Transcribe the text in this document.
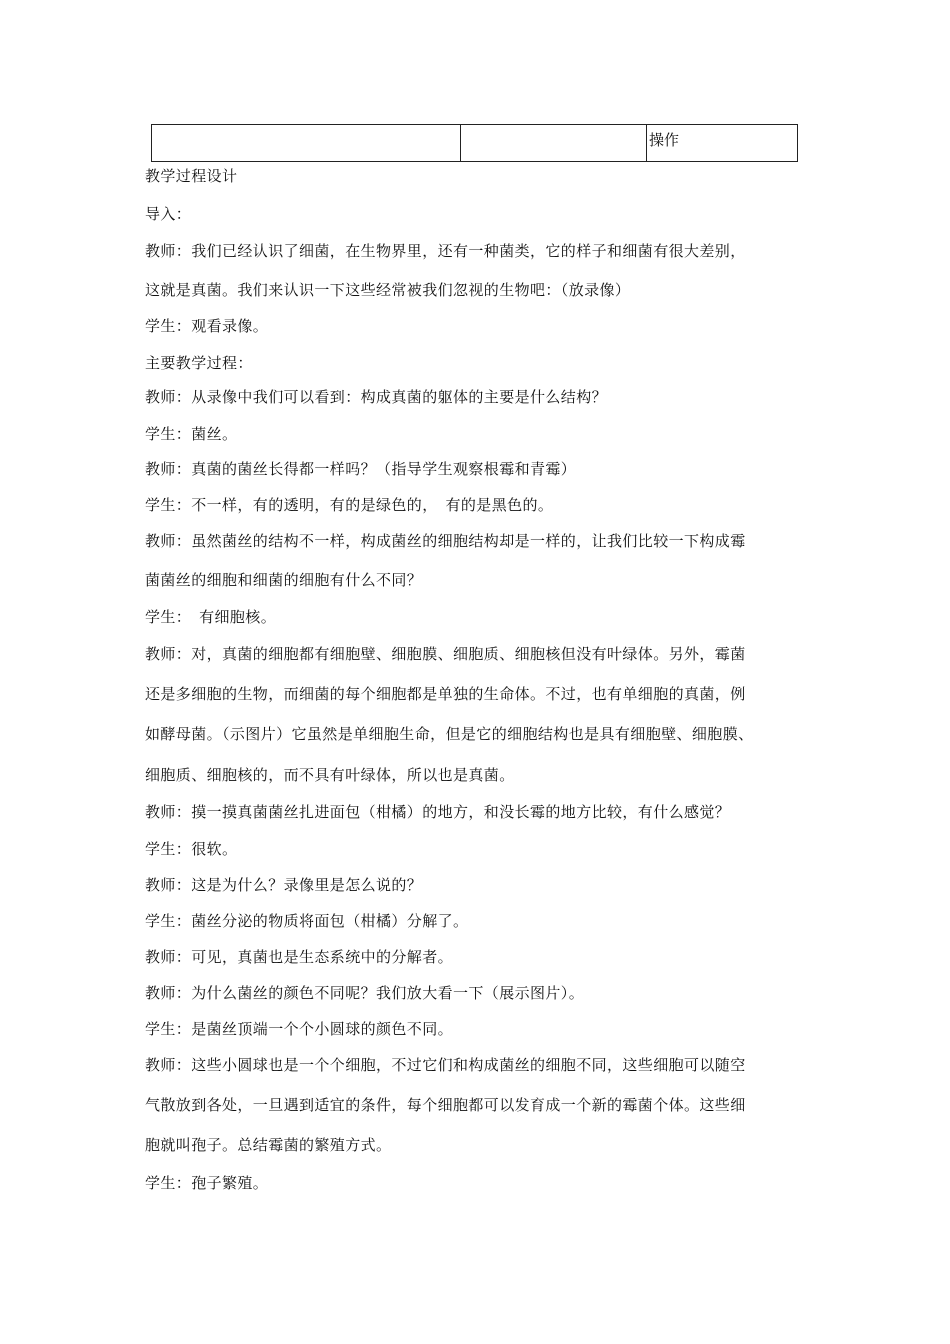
操作
教学过程设计
导入：
教师：我们已经认识了细菌，在生物界里，还有一种菌类，它的样子和细菌有很大差别，
这就是真菌。我们来认识一下这些经常被我们忽视的生物吧：（放录像）
学生：观看录像。
主要教学过程：
教师：从录像中我们可以看到：构成真菌的躯体的主要是什么结构？
学生：菌丝。
教师：真菌的菌丝长得都一样吗？（指导学生观察根霉和青霉）
学生：不一样，有的透明，有的是绿色的，　有的是黑色的。
教师：虽然菌丝的结构不一样，构成菌丝的细胞结构却是一样的，让我们比较一下构成霉
菌菌丝的细胞和细菌的细胞有什么不同？
学生：　有细胞核。
教师：对，真菌的细胞都有细胞壁、细胞膜、细胞质、细胞核但没有叶绿体。另外，霉菌
还是多细胞的生物，而细菌的每个细胞都是单独的生命体。不过，也有单细胞的真菌，例
如酵母菌。（示图片）它虽然是单细胞生命，但是它的细胞结构也是具有细胞壁、细胞膜、
细胞质、细胞核的，而不具有叶绿体，所以也是真菌。
教师：摸一摸真菌菌丝扎进面包（柑橘）的地方，和没长霉的地方比较，有什么感觉？
学生：很软。
教师：这是为什么？录像里是怎么说的？
学生：菌丝分泌的物质将面包（柑橘）分解了。
教师：可见，真菌也是生态系统中的分解者。
教师：为什么菌丝的颜色不同呢？我们放大看一下（展示图片）。
学生：是菌丝顶端一个个小圆球的颜色不同。
教师：这些小圆球也是一个个细胞，不过它们和构成菌丝的细胞不同，这些细胞可以随空
气散放到各处，一旦遇到适宜的条件，每个细胞都可以发育成一个新的霉菌个体。这些细
胞就叫孢子。总结霉菌的繁殖方式。
学生：孢子繁殖。
